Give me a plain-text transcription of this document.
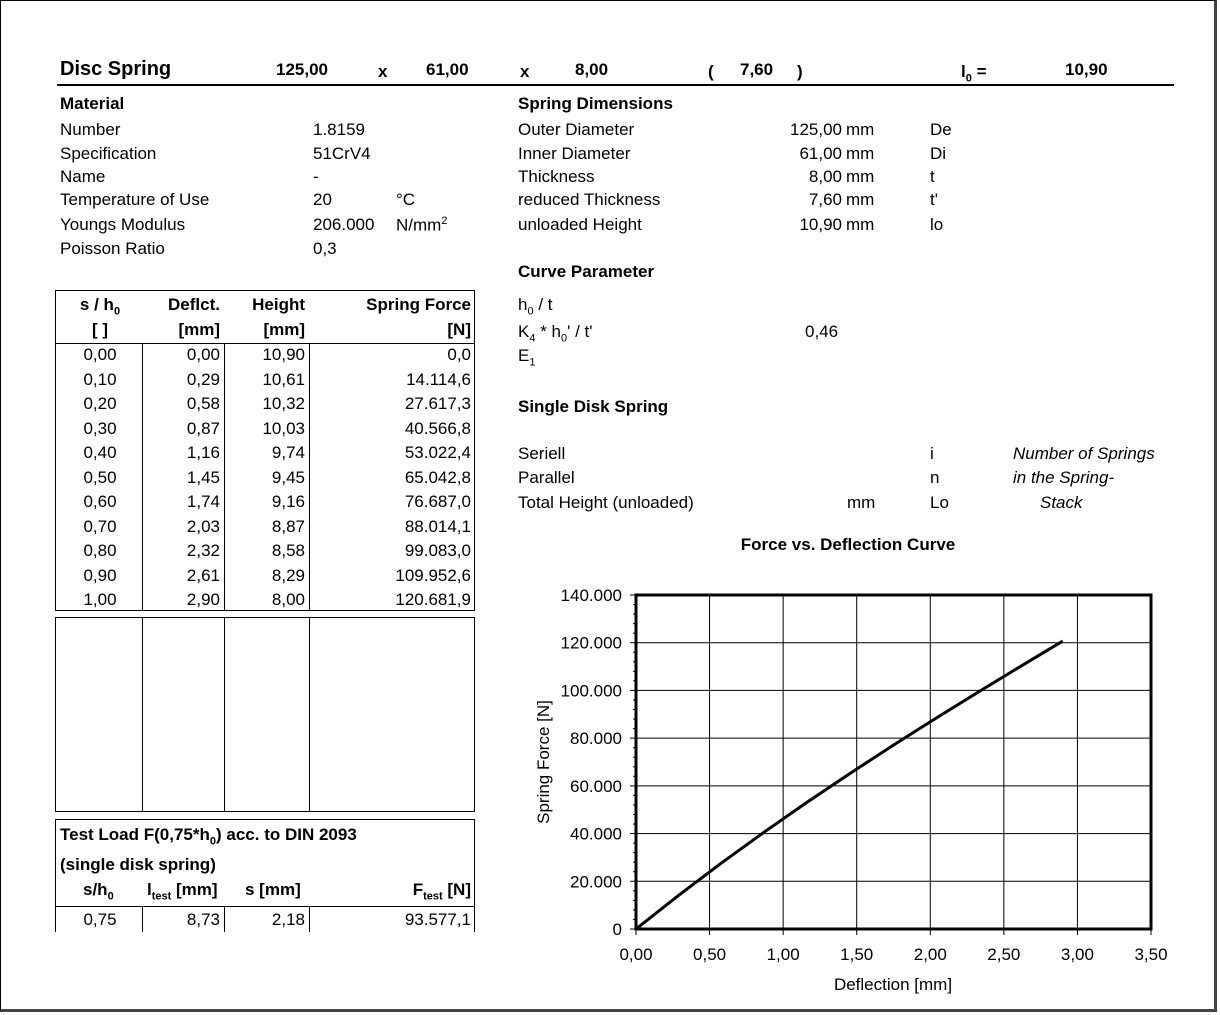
Disc Spring	125,00	x 61,00	x	8,00	( 7,60 )	$l_0$ =	10,90
Material
Number	1.8159
Specification	51CrV4
Name	-
Temperature of Use	20	°C
Youngs Modulus	206.000 $N/mm^2$
Poisson Ratio	0,3
Spring Dimensions
Outer Diameter	125,00 mm	De
Inner Diameter	61,00 mm	Di
Thickness	8,00 mm	t
reduced Thickness	7,60 mm	t'
unloaded Height	10,90 mm	lo
Curve Parameter
$h_0$ / t
$K_4 * h_0'$ / t'	0,46
$E_1$
Single Disk Spring
Seriell	i
Parallel	n
Total Height (unloaded)	mm	Lo
Number of Springs
in the Spring-
Stack
s / $h_0$	Deflct.	Height	Spring Force
[ ]	[mm]	[mm]	[N]
0,00	0,00	10,90	0,0
0,10	0,29	10,61	14.114,6
0,20	0,58	10,32	27.617,3
0,30	0,87	10,03	40.566,8
0,40	1,16	9,74	53.022,4
0,50	1,45	9,45	65.042,8
0,60	1,74	9,16	76.687,0
0,70	2,03	8,87	88.014,1
0,80	2,32	8,58	99.083,0
0,90	2,61	8,29	109.952,6
1,00	2,90	8,00	120.681,9
Test Load $F(0,75*h_0)$ acc. to DIN 2093
(single disk spring)
$s/h_0$ $l_{test}$ [mm] s [mm]	$F_{test}$ [N]
0,75	8,73	2,18	93.577,1
Force vs. Deflection Curve
Deflection [mm]
Spring Force [N]
0,00 0,50 1,00 1,50 2,00 2,50 3,00 3,50
0
20.000
40.000
60.000
80.000
100.000
120.000
140.000
